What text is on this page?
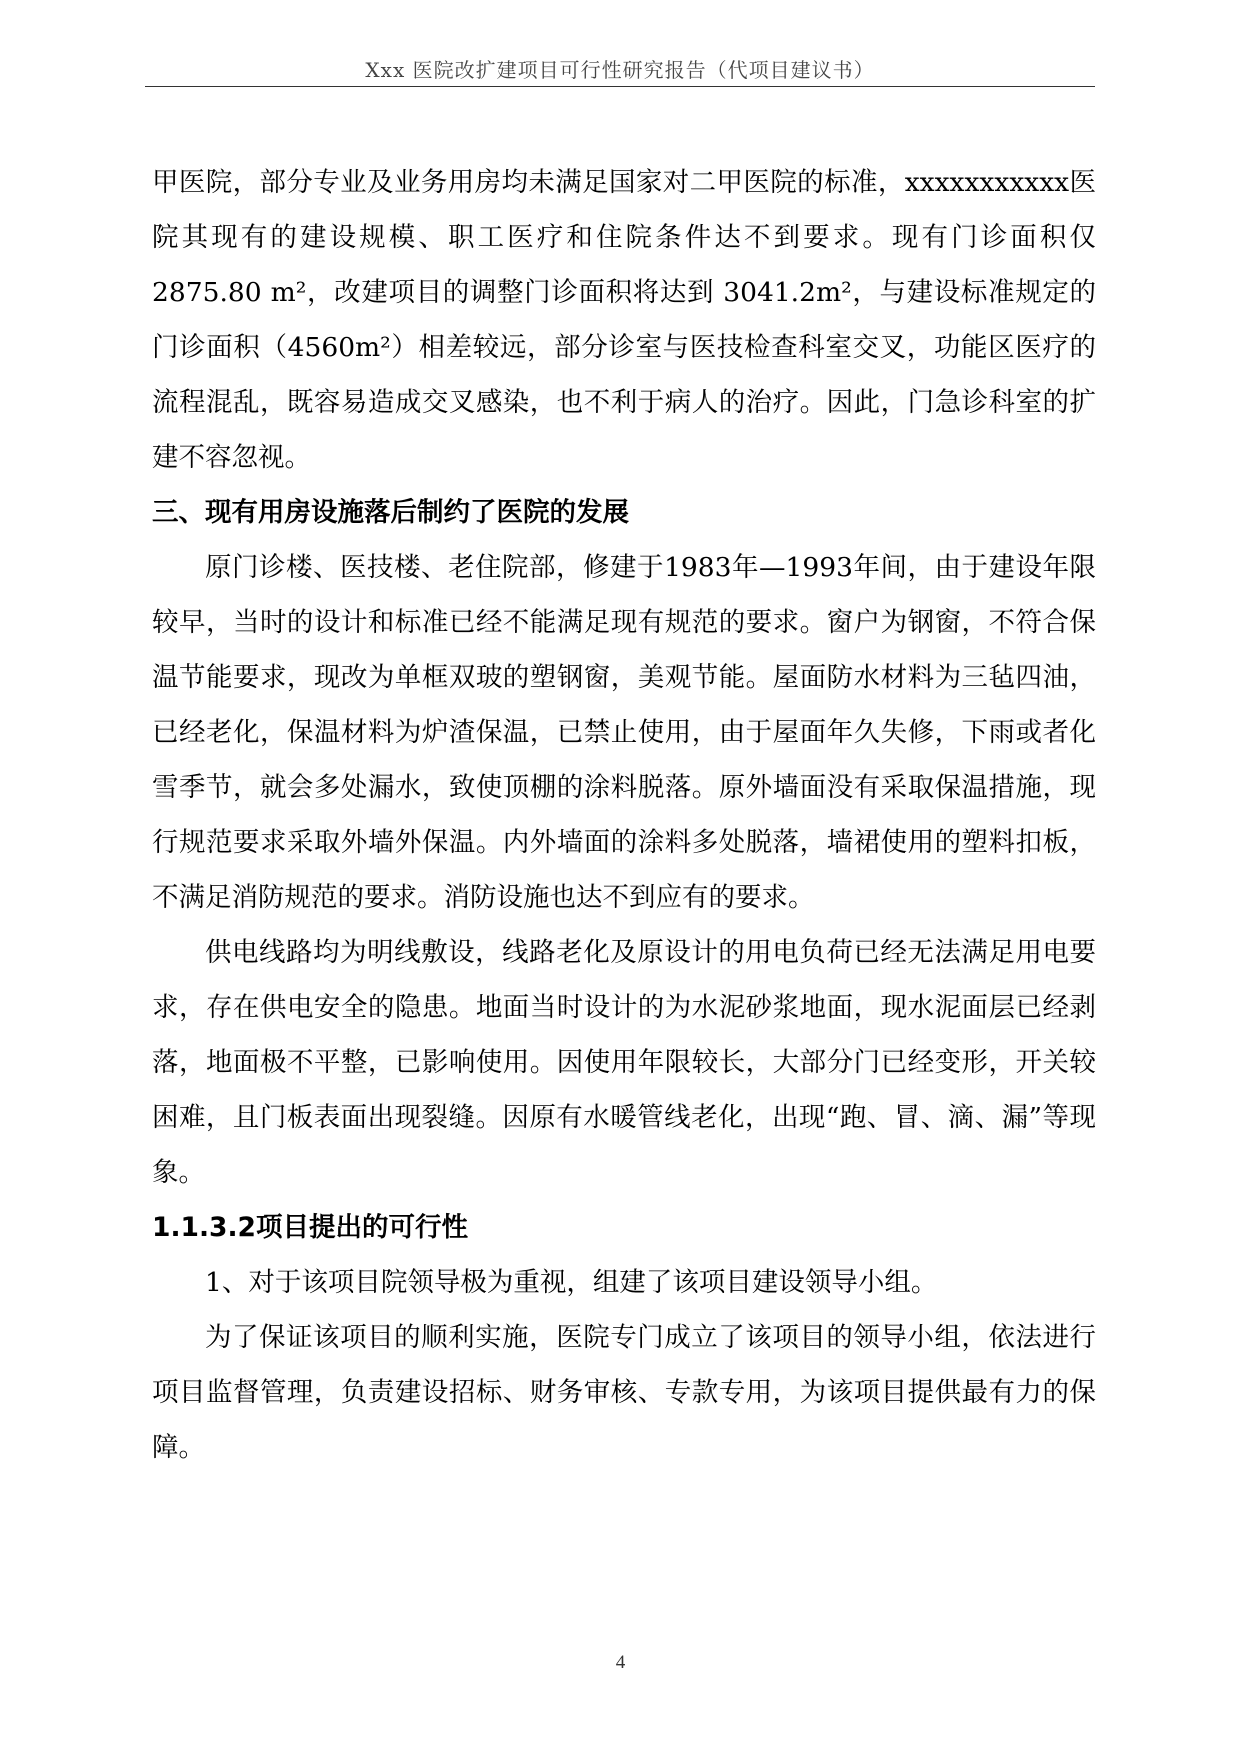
Xxx 医院改扩建项目可行性研究报告（代项目建议书）

甲医院，部分专业及业务用房均未满足国家对二甲医院的标准，xxxxxxxxxxx医院其现有的建设规模、职工医疗和住院条件达不到要求。现有门诊面积仅 2875.80 m²，改建项目的调整门诊面积将达到 3041.2m²，与建设标准规定的门诊面积（4560m²）相差较远，部分诊室与医技检查科室交叉，功能区医疗的流程混乱，既容易造成交叉感染，也不利于病人的治疗。因此，门急诊科室的扩建不容忽视。

三、现有用房设施落后制约了医院的发展

原门诊楼、医技楼、老住院部，修建于1983年—1993年间，由于建设年限较早，当时的设计和标准已经不能满足现有规范的要求。窗户为钢窗，不符合保温节能要求，现改为单框双玻的塑钢窗，美观节能。屋面防水材料为三毡四油，已经老化，保温材料为炉渣保温，已禁止使用，由于屋面年久失修，下雨或者化雪季节，就会多处漏水，致使顶棚的涂料脱落。原外墙面没有采取保温措施，现行规范要求采取外墙外保温。内外墙面的涂料多处脱落，墙裙使用的塑料扣板，不满足消防规范的要求。消防设施也达不到应有的要求。

供电线路均为明线敷设，线路老化及原设计的用电负荷已经无法满足用电要求，存在供电安全的隐患。地面当时设计的为水泥砂浆地面，现水泥面层已经剥落，地面极不平整，已影响使用。因使用年限较长，大部分门已经变形，开关较困难，且门板表面出现裂缝。因原有水暖管线老化，出现“跑、冒、滴、漏”等现象。

1.1.3.2项目提出的可行性

1、对于该项目院领导极为重视，组建了该项目建设领导小组。

为了保证该项目的顺利实施，医院专门成立了该项目的领导小组，依法进行项目监督管理，负责建设招标、财务审核、专款专用，为该项目提供最有力的保障。

4
